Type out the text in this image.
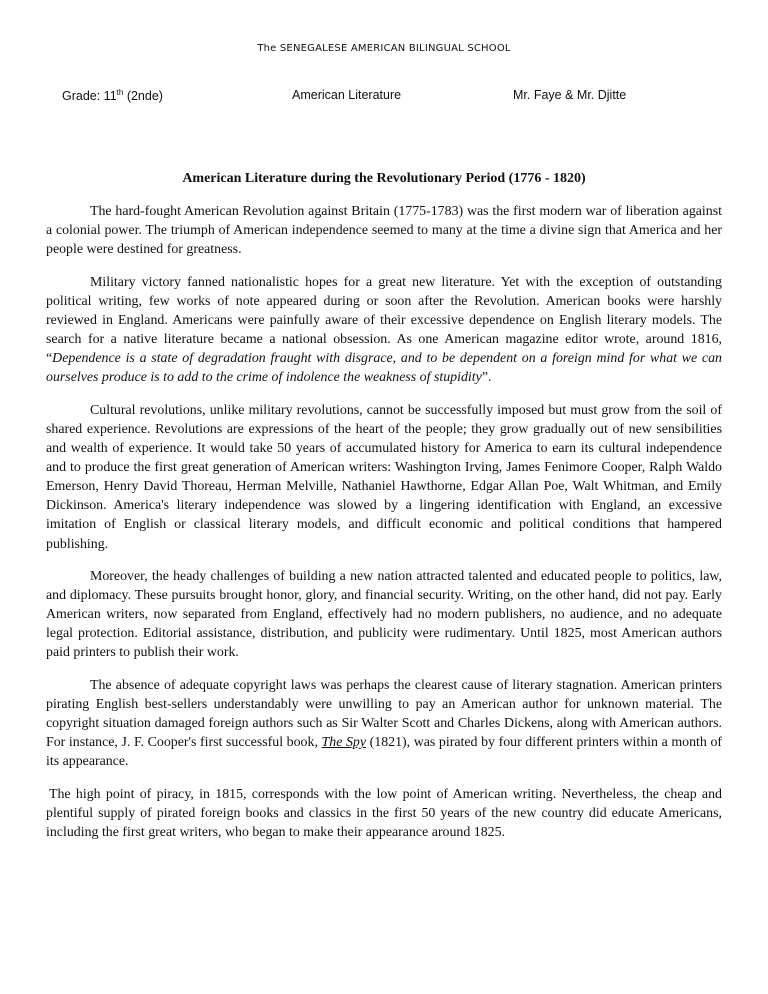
The SENEGALESE AMERICAN BILINGUAL SCHOOL
Grade: 11th (2nde)	American Literature	Mr. Faye & Mr. Djitte
American Literature during the Revolutionary Period (1776 - 1820)

The hard-fought American Revolution against Britain (1775-1783) was the first modern war of liberation against a colonial power. The triumph of American independence seemed to many at the time a divine sign that America and her people were destined for greatness.

Military victory fanned nationalistic hopes for a great new literature. Yet with the exception of outstanding political writing, few works of note appeared during or soon after the Revolution. American books were harshly reviewed in England. Americans were painfully aware of their excessive dependence on English literary models. The search for a native literature became a national obsession. As one American magazine editor wrote, around 1816, “Dependence is a state of degradation fraught with disgrace, and to be dependent on a foreign mind for what we can ourselves produce is to add to the crime of indolence the weakness of stupidity”.

Cultural revolutions, unlike military revolutions, cannot be successfully imposed but must grow from the soil of shared experience. Revolutions are expressions of the heart of the people; they grow gradually out of new sensibilities and wealth of experience. It would take 50 years of accumulated history for America to earn its cultural independence and to produce the first great generation of American writers: Washington Irving, James Fenimore Cooper, Ralph Waldo Emerson, Henry David Thoreau, Herman Melville, Nathaniel Hawthorne, Edgar Allan Poe, Walt Whitman, and Emily Dickinson. America's literary independence was slowed by a lingering identification with England, an excessive imitation of English or classical literary models, and difficult economic and political conditions that hampered publishing.

Moreover, the heady challenges of building a new nation attracted talented and educated people to politics, law, and diplomacy. These pursuits brought honor, glory, and financial security. Writing, on the other hand, did not pay. Early American writers, now separated from England, effectively had no modern publishers, no audience, and no adequate legal protection. Editorial assistance, distribution, and publicity were rudimentary. Until 1825, most American authors paid printers to publish their work.

The absence of adequate copyright laws was perhaps the clearest cause of literary stagnation. American printers pirating English best-sellers understandably were unwilling to pay an American author for unknown material. The copyright situation damaged foreign authors such as Sir Walter Scott and Charles Dickens, along with American authors. For instance, J. F. Cooper's first successful book, The Spy (1821), was pirated by four different printers within a month of its appearance.

The high point of piracy, in 1815, corresponds with the low point of American writing. Nevertheless, the cheap and plentiful supply of pirated foreign books and classics in the first 50 years of the new country did educate Americans, including the first great writers, who began to make their appearance around 1825.
